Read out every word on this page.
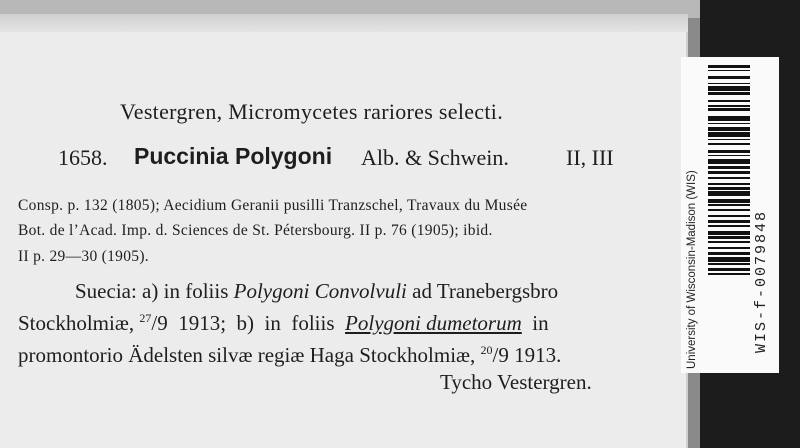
Vestergren, Micromycetes rariores selecti.
1658. Puccinia Polygoni Alb. & Schwein.	II, III
Consp. p. 132 (1805); Aecidium Geranii pusilli Tranzschel, Travaux du Musée
Bot. de l’Acad. Imp. d. Sciences de St. Pétersbourg. II p. 76 (1905); ibid.
II p. 29—30 (1905).
Suecia: a) in foliis Polygoni Convolvuli ad Tranebergsbro
Stockholmiæ, $^{27}$/9  1913;  b)  in  foliis  Polygoni dumetorum  in
promontorio Ädelsten silvæ regiæ Haga Stockholmiæ, $^{20}$/9 1913.
Tycho Vestergren.
University of Wisconsin-Madison (WIS)	WIS-f-0079848
